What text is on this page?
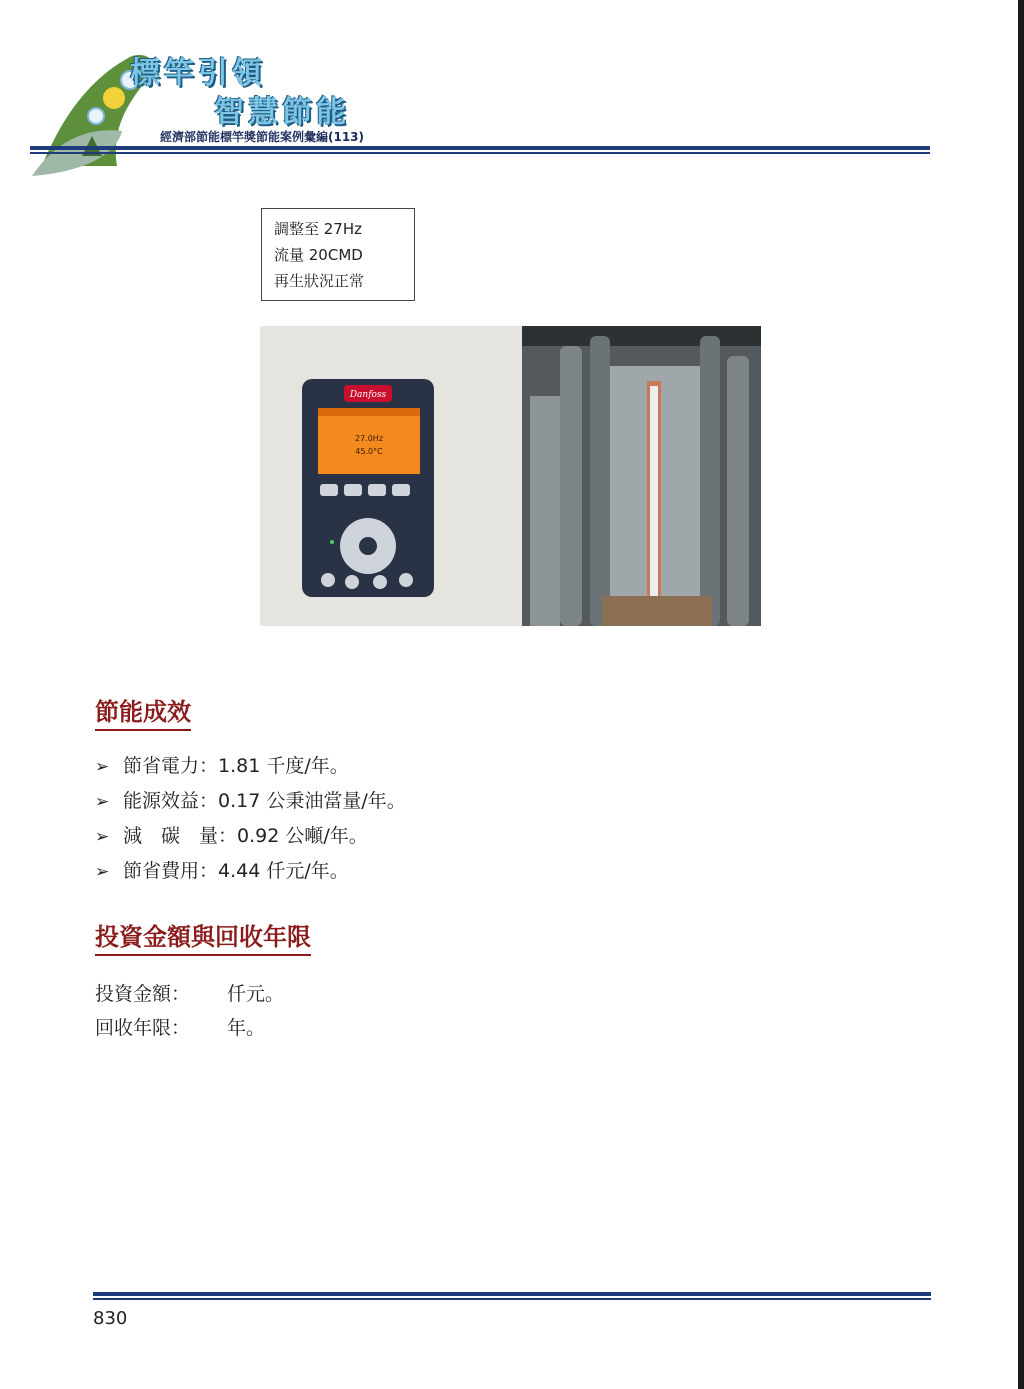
標竿引領
智慧節能
經濟部節能標竿獎節能案例彙編(113)
調整至 27Hz
流量 20CMD
再生狀況正常
Danfoss
27.0Hz
45.0°C
節能成效
➢ 節省電力：1.81 千度/年。
➢ 能源效益：0.17 公秉油當量/年。
➢ 減　碳　量：0.92 公噸/年。
➢ 節省費用：4.44 仟元/年。
投資金額與回收年限
投資金額： 仟元。
回收年限： 年。
830
